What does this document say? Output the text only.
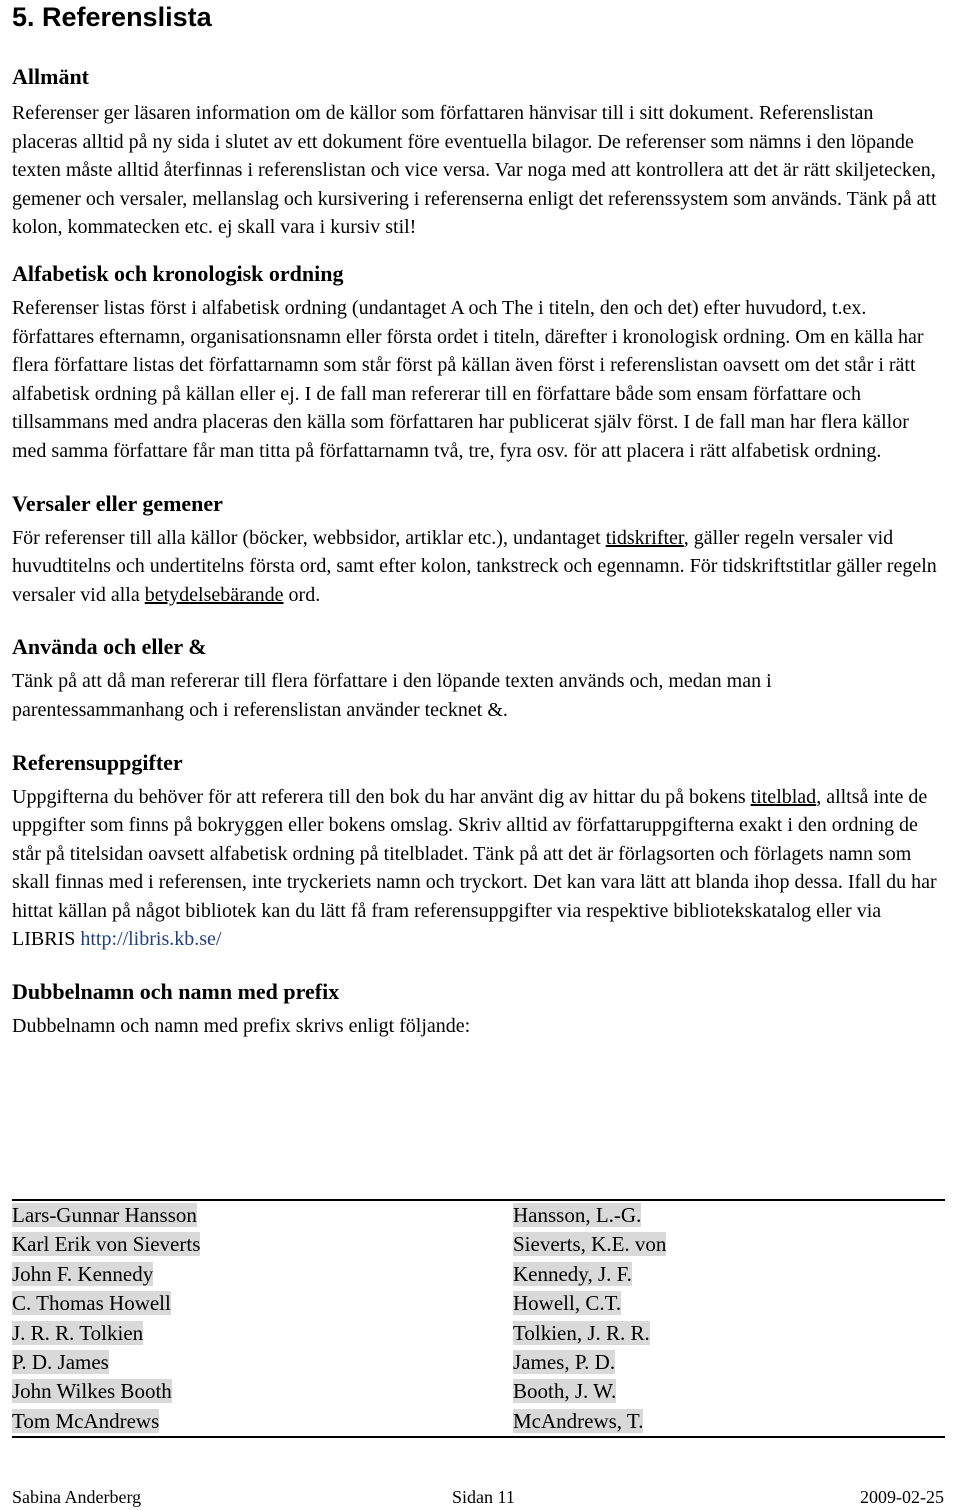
5. Referenslista
Allmänt

Referenser ger läsaren information om de källor som författaren hänvisar till i sitt dokument. Referenslistan placeras alltid på ny sida i slutet av ett dokument före eventuella bilagor. De referenser som nämns i den löpande texten måste alltid återfinnas i referenslistan och vice versa. Var noga med att kontrollera att det är rätt skiljetecken, gemener och versaler, mellanslag och kursivering i referenserna enligt det referenssystem som används. Tänk på att kolon, kommatecken etc. ej skall vara i kursiv stil!

Alfabetisk och kronologisk ordning

Referenser listas först i alfabetisk ordning (undantaget A och The i titeln, den och det) efter huvudord, t.ex. författares efternamn, organisationsnamn eller första ordet i titeln, därefter i kronologisk ordning. Om en källa har flera författare listas det författarnamn som står först på källan även först i referenslistan oavsett om det står i rätt alfabetisk ordning på källan eller ej. I de fall man refererar till en författare både som ensam författare och tillsammans med andra placeras den källa som författaren har publicerat själv först. I de fall man har flera källor med samma författare får man titta på författarnamn två, tre, fyra osv. för att placera i rätt alfabetisk ordning.

Versaler eller gemener

För referenser till alla källor (böcker, webbsidor, artiklar etc.), undantaget tidskrifter, gäller regeln versaler vid huvudtitelns och undertitelns första ord, samt efter kolon, tankstreck och egennamn. För tidskriftstitlar gäller regeln versaler vid alla betydelsebärande ord.

Använda och eller &

Tänk på att då man refererar till flera författare i den löpande texten används och, medan man i parentessammanhang och i referenslistan använder tecknet &.

Referensuppgifter

Uppgifterna du behöver för att referera till den bok du har använt dig av hittar du på bokens titelblad, alltså inte de uppgifter som finns på bokryggen eller bokens omslag. Skriv alltid av författaruppgifterna exakt i den ordning de står på titelsidan oavsett alfabetisk ordning på titelbladet. Tänk på att det är förlagsorten och förlagets namn som skall finnas med i referensen, inte tryckeriets namn och tryckort. Det kan vara lätt att blanda ihop dessa. Ifall du har hittat källan på något bibliotek kan du lätt få fram referensuppgifter via respektive bibliotekskatalog eller via LIBRIS http://libris.kb.se/

Dubbelnamn och namn med prefix

Dubbelnamn och namn med prefix skrivs enligt följande:

Lars-Gunnar Hansson	Hansson, L.-G.
Karl Erik von Sieverts	Sieverts, K.E. von
John F. Kennedy	Kennedy, J. F.
C. Thomas Howell	Howell, C.T.
J. R. R. Tolkien	Tolkien, J. R. R.
P. D. James	James, P. D.
John Wilkes Booth	Booth, J. W.
Tom McAndrews	McAndrews, T.
Sabina Anderberg	Sidan 11	2009-02-25
